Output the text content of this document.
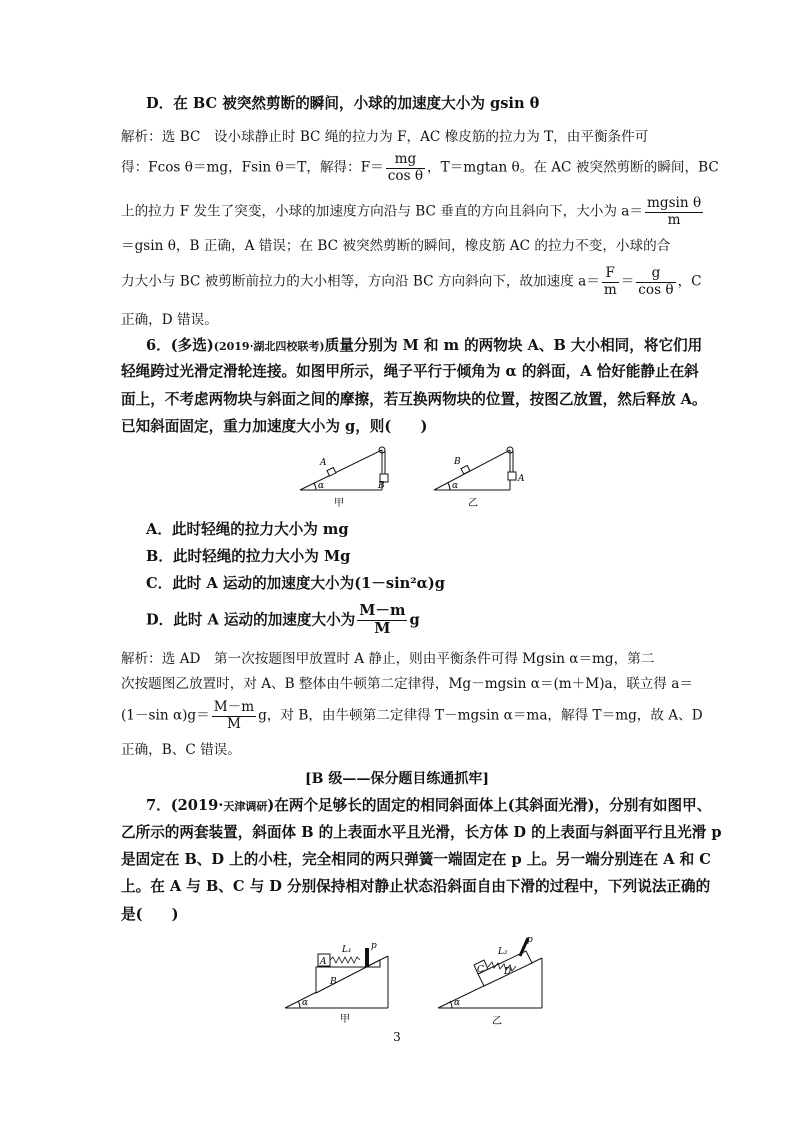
D．在 BC 被突然剪断的瞬间，小球的加速度大小为 gsin θ
解析：选 BC　设小球静止时 BC 绳的拉力为 F，AC 橡皮筋的拉力为 T，由平衡条件可
得：Fcos θ＝mg，Fsin θ＝T，解得：$F= \frac{mg}{\text{cos θ}}$ ，T＝mgtan θ。在 AC 被突然剪断的瞬间，BC
上的拉力 F 发生了突变，小球的加速度方向沿与 BC 垂直的方向且斜向下，大小为 $a= \frac{\text{mgsin θ}}{m}$
＝gsin θ，B 正确，A 错误；在 BC 被突然剪断的瞬间，橡皮筋 AC 的拉力不变，小球的合
力大小与 BC 被剪断前拉力的大小相等，方向沿 BC 方向斜向下，故加速度 $a= \frac{F}{m} = \frac{g}{\text{cos θ}}$ ，C
正确，D 错误。
6．(多选)(2019·湖北四校联考)质量分别为 M 和 m 的两物块 A、B 大小相同，将它们用
轻绳跨过光滑定滑轮连接。如图甲所示，绳子平行于倾角为 α 的斜面，A 恰好能静止在斜
面上，不考虑两物块与斜面之间的摩擦，若互换两物块的位置，按图乙放置，然后释放 A。
已知斜面固定，重力加速度大小为 g，则(　　)
A
B
α
甲
B
A
α
乙
A．此时轻绳的拉力大小为 mg
B．此时轻绳的拉力大小为 Mg
C．此时 A 运动的加速度大小为(1－sin²α)g
D．此时 A 运动的加速度大小为 $\frac{M-m}{M}$ g
解析：选 AD　第一次按题图甲放置时 A 静止，则由平衡条件可得 Mgsin α＝mg，第二
次按题图乙放置时，对 A、B 整体由牛顿第二定律得，Mg－mgsin α＝(m＋M)a，联立得 a＝
(1－sin $\alpha)g= \frac{M-m}{M}$ g，对 B，由牛顿第二定律得 T－mgsin α＝ma，解得 T＝mg，故 A、D
正确，B、C 错误。
[B 级——保分题目练通抓牢]
7．(2019·天津调研)在两个足够长的固定的相同斜面体上(其斜面光滑)，分别有如图甲、
乙所示的两套装置，斜面体 B 的上表面水平且光滑，长方体 D 的上表面与斜面平行且光滑 p
是固定在 B、D 上的小柱，完全相同的两只弹簧一端固定在 p 上。另一端分别连在 A 和 C
上。在 A 与 B、C 与 D 分别保持相对静止状态沿斜面自由下滑的过程中，下列说法正确的
是(　　)
A
B
L₁ p
α
甲
C D
L₂
p
α
乙
3
